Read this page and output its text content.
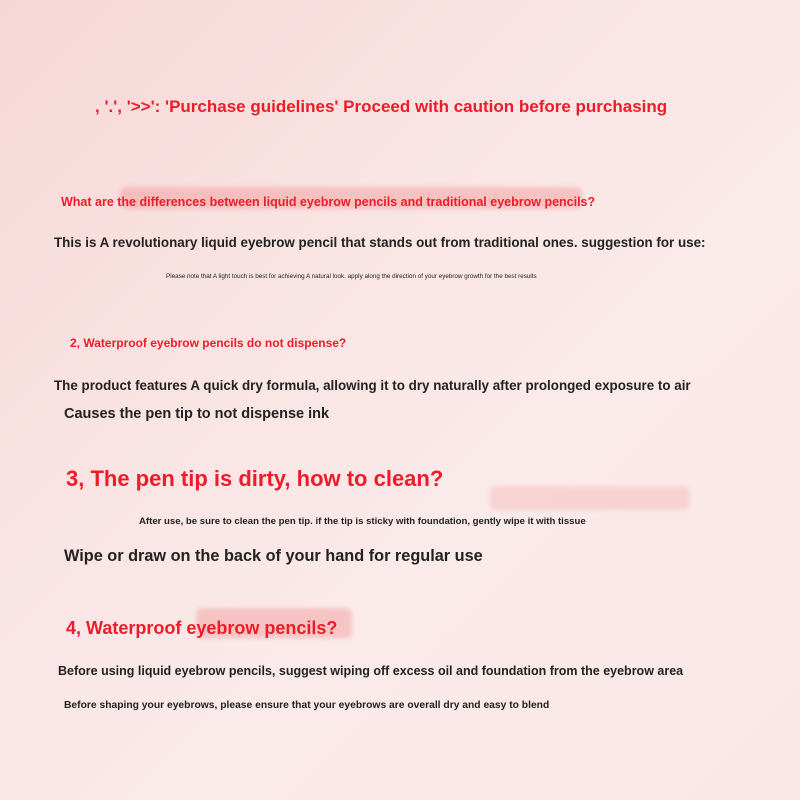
, '.', '>>': 'Purchase guidelines' Proceed with caution before purchasing
What are the differences between liquid eyebrow pencils and traditional eyebrow pencils?
This is A revolutionary liquid eyebrow pencil that stands out from traditional ones. suggestion for use:
Please note that A light touch is best for achieving A natural look. apply along the direction of your eyebrow growth for the best results
2, Waterproof eyebrow pencils do not dispense?
The product features A quick dry formula, allowing it to dry naturally after prolonged exposure to air
Causes the pen tip to not dispense ink
3, The pen tip is dirty, how to clean?
After use, be sure to clean the pen tip. if the tip is sticky with foundation, gently wipe it with tissue
Wipe or draw on the back of your hand for regular use
4, Waterproof eyebrow pencils?
Before using liquid eyebrow pencils, suggest wiping off excess oil and foundation from the eyebrow area
Before shaping your eyebrows, please ensure that your eyebrows are overall dry and easy to blend
